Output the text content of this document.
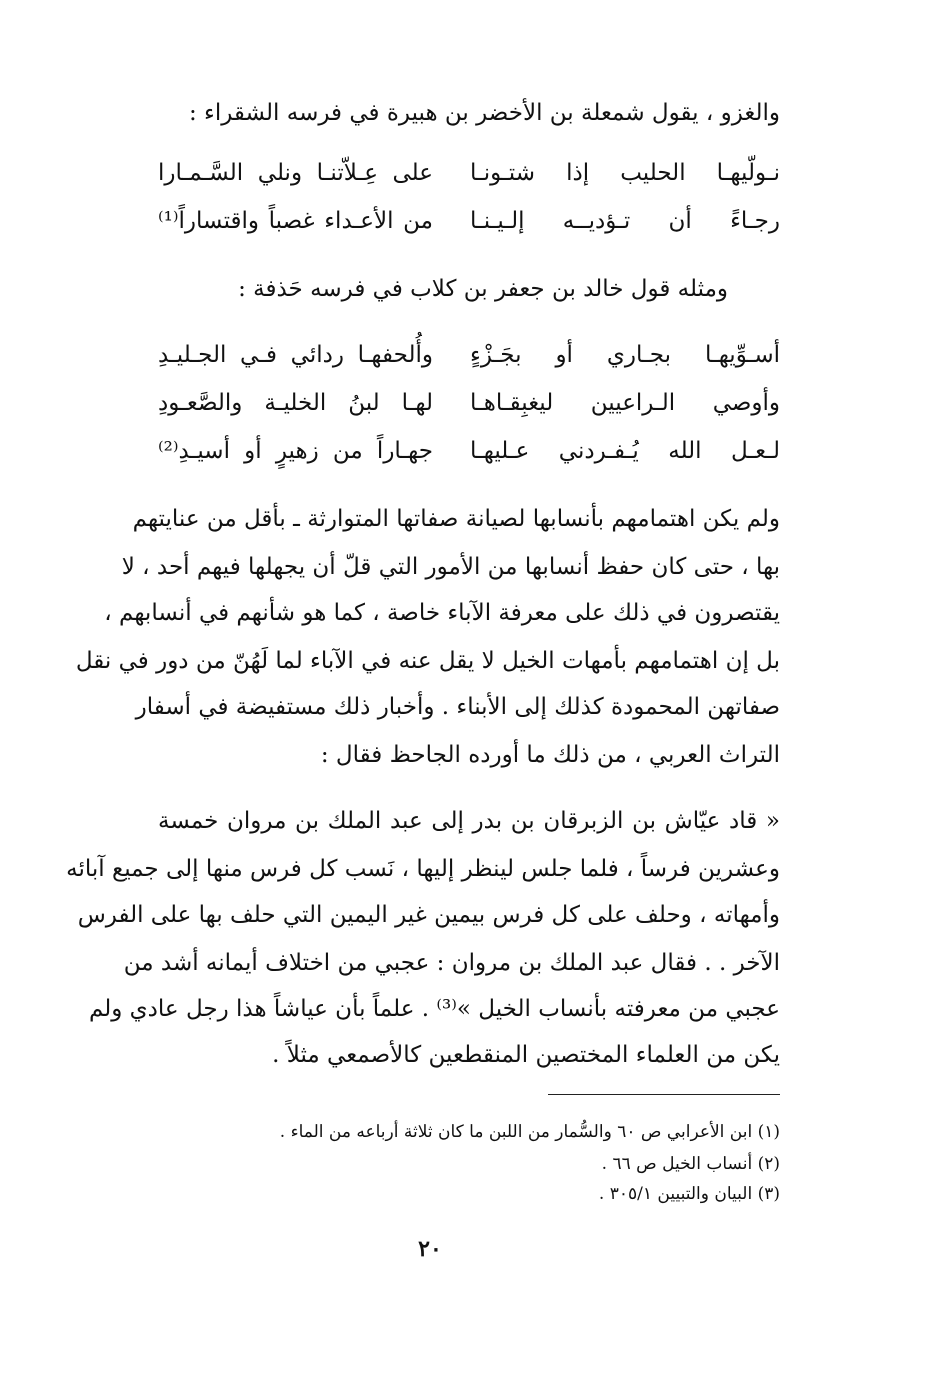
والغزو ، يقول شمعلة بن الأخضر بن هبيرة في فرسه الشقراء :
نـولّيهـا الحليب إذا شتـونـا
على عِـلاّتنـا ونلي السَّـمـارا
رجـاءً أن تـؤديــه إلـيـنـا
من الأعـداء غصباً واقتساراً⁽¹⁾
ومثله قول خالد بن جعفر بن كلاب في فرسه حَذفة :
أسـوِّيهـا بجـاري أو بجَـزْءٍ
وأُلحفهـا ردائي فـي الجـليـدِ
وأوصي الـراعيين ليغبِقـاهـا
لهـا لبنُ الخليـة والصَّعـودِ
لـعـل الله يُـفـردني عـليهـا
جهـاراً من زهيرٍ أو أسيـدِ⁽²⁾
ولم يكن اهتمامهم بأنسابها لصيانة صفاتها المتوارثة ـ بأقل من عنايتهم
بها ، حتى كان حفظ أنسابها من الأمور التي قلّ أن يجهلها فيهم أحد ، لا
يقتصرون في ذلك على معرفة الآباء خاصة ، كما هو شأنهم في أنسابهم ،
بل إن اهتمامهم بأمهات الخيل لا يقل عنه في الآباء لما لَهُنّ من دور في نقل
صفاتهن المحمودة كذلك إلى الأبناء . وأخبار ذلك مستفيضة في أسفار
التراث العربي ، من ذلك ما أورده الجاحظ فقال :
« قاد عيّاش بن الزبرقان بن بدر إلى عبد الملك بن مروان خمسة
وعشرين فرساً ، فلما جلس لينظر إليها ، نَسب كل فرس منها إلى جميع آبائه
وأمهاته ، وحلف على كل فرس بيمين غير اليمين التي حلف بها على الفرس
الآخر . . فقال عبد الملك بن مروان : عجبي من اختلاف أيمانه أشد من
عجبي من معرفته بأنساب الخيل »⁽³⁾ . علماً بأن عياشاً هذا رجل عادي ولم
يكن من العلماء المختصين المنقطعين كالأصمعي مثلاً .
(١) ابن الأعرابي ص ٦٠ والسُّمار من اللبن ما كان ثلاثة أرباعه من الماء .
(٢) أنساب الخيل ص ٦٦ .
(٣) البيان والتبيين ٣٠٥/١ .
٢٠
